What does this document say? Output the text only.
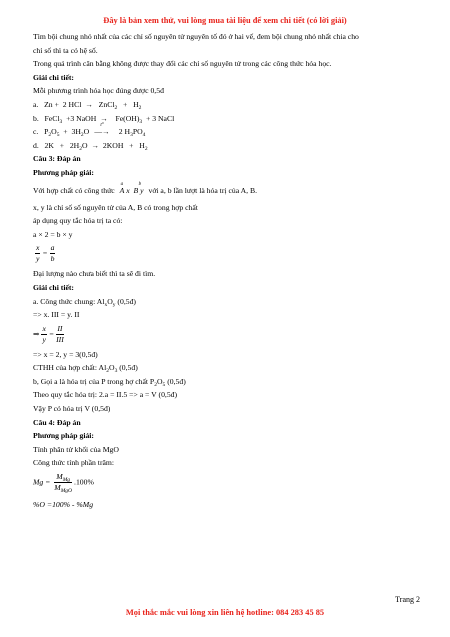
Đây là bản xem thử, vui lòng mua tài liệu để xem chi tiết (có lời giải)
Tìm bội chung nhỏ nhất của các chỉ số nguyên tử nguyên tố đó ở hai vế, đem bội chung nhỏ nhất chia cho
chỉ số thì ta có hệ số.
Trong quá trình cân bằng không được thay đổi các chỉ số nguyên tử trong các công thức hóa học.
Giải chi tiết:
Mỗi phương trình hóa học đúng được 0,5đ
a. Zn + 2 HCl → ZnCl$_2$ + $H_2$
b. FeCl$_3$ +3 NaOH → $Fe(OH)_3 + 3$ NaCl
c. $P_2O_5 + 3H_2O$
t°
—→ 2 $H_3PO_4$
d. $2K + 2H_2O \to 2KOH + H_2$
Câu 3: Đáp án
Phương pháp giải:
Với hợp chất có công thức
a	b
A x B y với a, b lần lượt là hóa trị của A, B.
x, y là chỉ số số nguyên tử của A, B có trong hợp chất
áp dụng quy tắc hóa trị ta có:
a × 2 = b × y
$\frac{x}{y} = \frac{a}{b}$
Đại lượng nào chưa biết thì ta sẽ đi tìm.
Giải chi tiết:
a. Công thức chung: $Al_xO_y$ (0,5đ)
=> x. III = y. II
⇒ $\frac{x}{y} = \frac{II}{\text{III}}$
=> x = 2, y = 3(0,5đ)
CTHH của hợp chất: $Al_2O_3$ (0,5đ)
b, Gọi a là hóa trị của P trong hợ chất $P_2O_5$ (0,5đ)
Theo quy tắc hóa trị: 2.a = II.5 => a = V (0,5đ)
Vậy P có hóa trị V (0,5đ)
Câu 4: Đáp án
Phương pháp giải:
Tính phân tử khối của MgO
Công thức tính phần trăm:
$Mg = \frac{M_{Mg}}{M_{MgO}} .100\%$
%O =100% - %Mg
Trang 2
Mọi thắc mắc vui lòng xin liên hệ hotline: 084 283 45 85
